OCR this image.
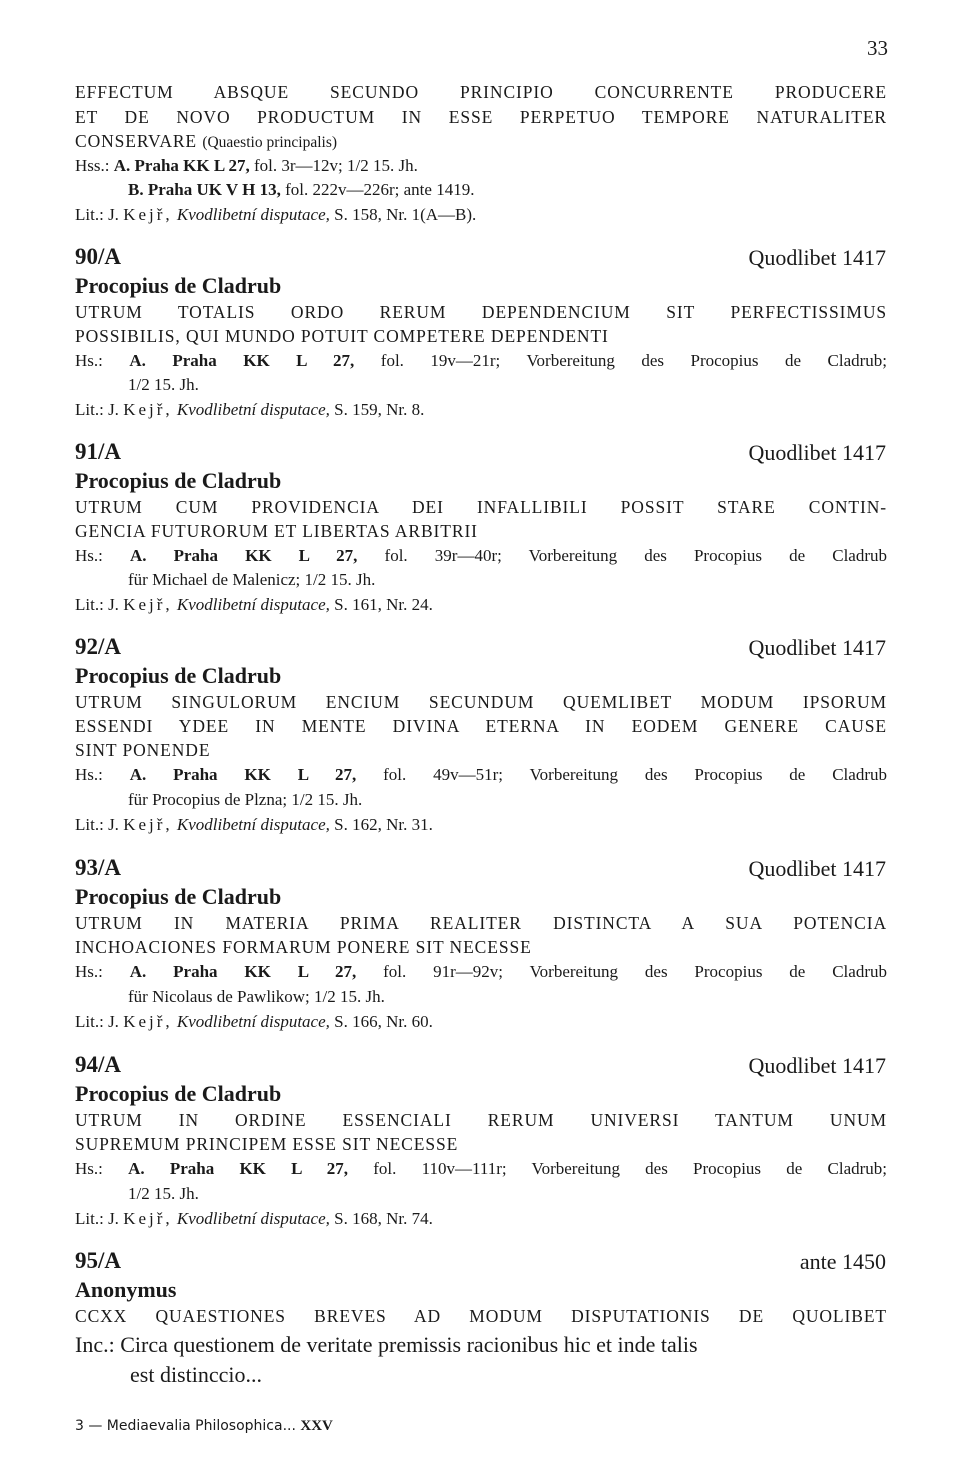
33
EFFECTUM ABSQUE SECUNDO PRINCIPIO CONCURRENTE PRODUCERE
ET DE NOVO PRODUCTUM IN ESSE PERPETUO TEMPORE NATURALITER
CONSERVARE (Quaestio principalis)
Hss.: A. Praha KK L 27, fol. 3r—12v; 1/2 15. Jh.
B. Praha UK V H 13, fol. 222v—226r; ante 1419.
Lit.: J. Kejř, Kvodlibetní disputace, S. 158, Nr. 1(A—B).
90/A	Quodlibet 1417
Procopius de Cladrub
UTRUM TOTALIS ORDO RERUM DEPENDENCIUM SIT PERFECTISSIMUS
POSSIBILIS, QUI MUNDO POTUIT COMPETERE DEPENDENTI
Hs.: A. Praha KK L 27, fol. 19v—21r; Vorbereitung des Procopius de Cladrub;
1/2 15. Jh.
Lit.: J. Kejř, Kvodlibetní disputace, S. 159, Nr. 8.
91/A	Quodlibet 1417
Procopius de Cladrub
UTRUM CUM PROVIDENCIA DEI INFALLIBILI POSSIT STARE CONTIN-
GENCIA FUTURORUM ET LIBERTAS ARBITRII
Hs.: A. Praha KK L 27, fol. 39r—40r; Vorbereitung des Procopius de Cladrub
für Michael de Malenicz; 1/2 15. Jh.
Lit.: J. Kejř, Kvodlibetní disputace, S. 161, Nr. 24.
92/A	Quodlibet 1417
Procopius de Cladrub
UTRUM SINGULORUM ENCIUM SECUNDUM QUEMLIBET MODUM IPSORUM
ESSENDI YDEE IN MENTE DIVINA ETERNA IN EODEM GENERE CAUSE
SINT PONENDE
Hs.: A. Praha KK L 27, fol. 49v—51r; Vorbereitung des Procopius de Cladrub
für Procopius de Plzna; 1/2 15. Jh.
Lit.: J. Kejř, Kvodlibetní disputace, S. 162, Nr. 31.
93/A	Quodlibet 1417
Procopius de Cladrub
UTRUM IN MATERIA PRIMA REALITER DISTINCTA A SUA POTENCIA
INCHOACIONES FORMARUM PONERE SIT NECESSE
Hs.: A. Praha KK L 27, fol. 91r—92v; Vorbereitung des Procopius de Cladrub
für Nicolaus de Pawlikow; 1/2 15. Jh.
Lit.: J. Kejř, Kvodlibetní disputace, S. 166, Nr. 60.
94/A	Quodlibet 1417
Procopius de Cladrub
UTRUM IN ORDINE ESSENCIALI RERUM UNIVERSI TANTUM UNUM
SUPREMUM PRINCIPEM ESSE SIT NECESSE
Hs.: A. Praha KK L 27, fol. 110v—111r; Vorbereitung des Procopius de Cladrub;
1/2 15. Jh.
Lit.: J. Kejř, Kvodlibetní disputace, S. 168, Nr. 74.
95/A	ante 1450
Anonymus
CCXX QUAESTIONES BREVES AD MODUM DISPUTATIONIS DE QUOLIBET
Inc.: Circa questionem de veritate premissis racionibus hic et inde talis
est distinccio...
3 — Mediaevalia Philosophica... XXV
